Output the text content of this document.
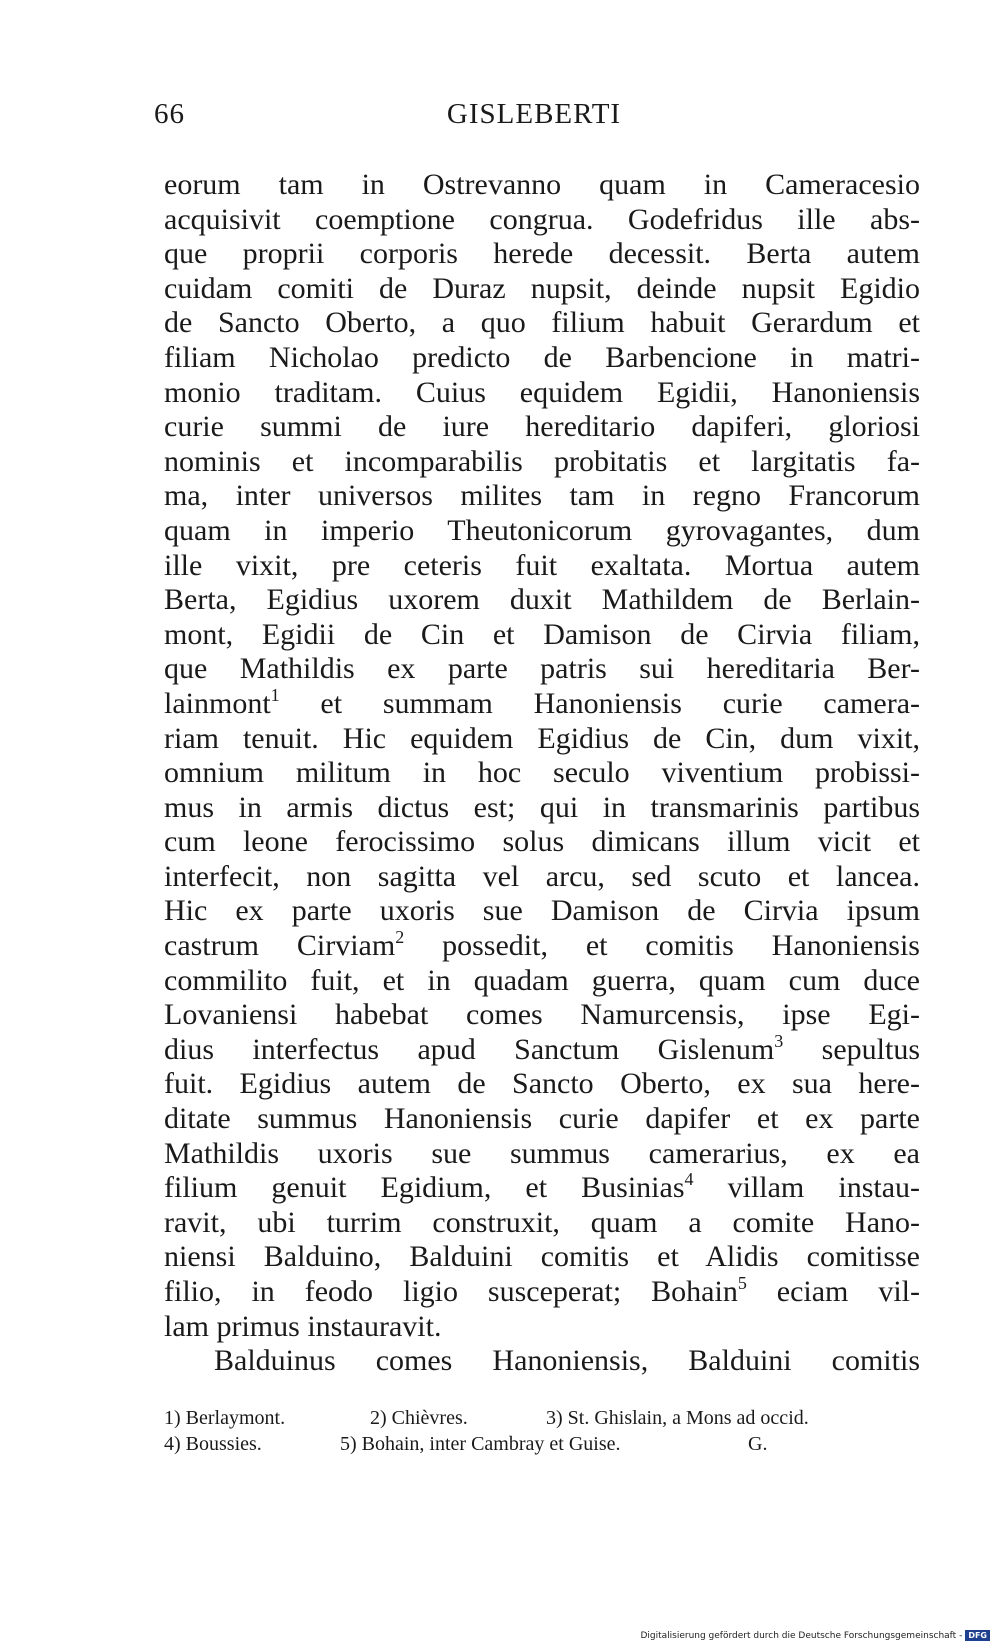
66	GISLEBERTI
eorum tam in Ostrevanno quam in Cameracesio
acquisivit coemptione congrua. Godefridus ille abs-
que proprii corporis herede decessit. Berta autem
cuidam comiti de Duraz nupsit, deinde nupsit Egidio
de Sancto Oberto, a quo filium habuit Gerardum et
filiam Nicholao predicto de Barbencione in matri-
monio traditam. Cuius equidem Egidii, Hanoniensis
curie summi de iure hereditario dapiferi, gloriosi
nominis et incomparabilis probitatis et largitatis fa-
ma, inter universos milites tam in regno Francorum
quam in imperio Theutonicorum gyrovagantes, dum
ille vixit, pre ceteris fuit exaltata. Mortua autem
Berta, Egidius uxorem duxit Mathildem de Berlain-
mont, Egidii de Cin et Damison de Cirvia filiam,
que Mathildis ex parte patris sui hereditaria Ber-
lainmont$^1$ et summam Hanoniensis curie camera-
riam tenuit. Hic equidem Egidius de Cin, dum vixit,
omnium militum in hoc seculo viventium probissi-
mus in armis dictus est; qui in transmarinis partibus
cum leone ferocissimo solus dimicans illum vicit et
interfecit, non sagitta vel arcu, sed scuto et lancea.
Hic ex parte uxoris sue Damison de Cirvia ipsum
castrum Cirviam$^2$ possedit, et comitis Hanoniensis
commilito fuit, et in quadam guerra, quam cum duce
Lovaniensi habebat comes Namurcensis, ipse Egi-
dius interfectus apud Sanctum Gislenum$^3$ sepultus
fuit. Egidius autem de Sancto Oberto, ex sua here-
ditate summus Hanoniensis curie dapifer et ex parte
Mathildis uxoris sue summus camerarius, ex ea
filium genuit Egidium, et Businias$^4$ villam instau-
ravit, ubi turrim construxit, quam a comite Hano-
niensi Balduino, Balduini comitis et Alidis comitisse
filio, in feodo ligio susceperat; Bohain$^5$ eciam vil-
lam primus instauravit.
Balduinus comes Hanoniensis, Balduini comitis
1) Berlaymont.	2) Chièvres.	3) St. Ghislain, a Mons ad occid.
4) Boussies.	5) Bohain, inter Cambray et Guise.	G.
Digitalisierung gefördert durch die Deutsche Forschungsgemeinschaft - DFG
